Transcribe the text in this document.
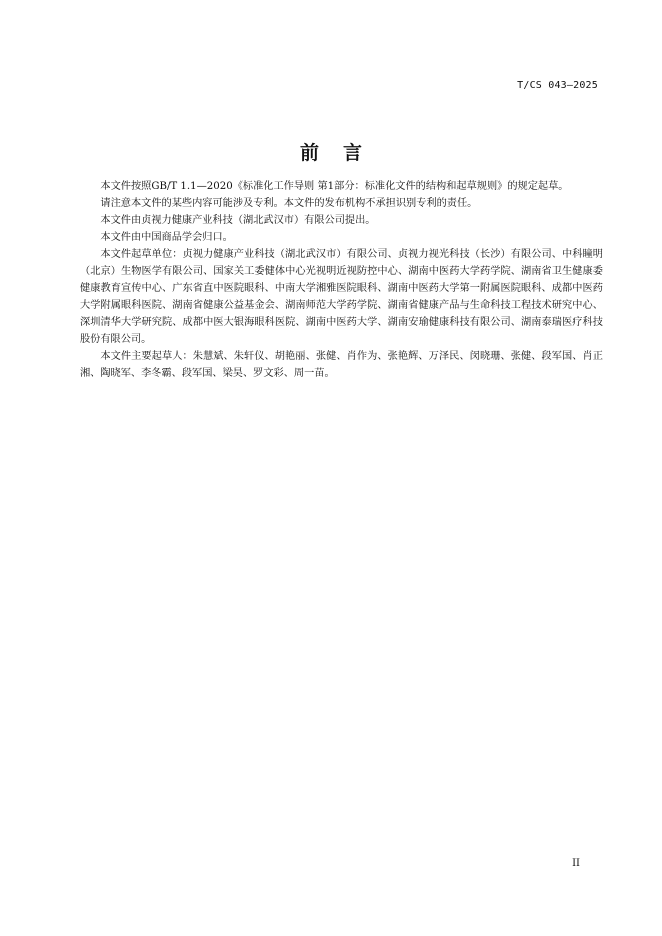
T/CS 043—2025
前言

本文件按照GB/T 1.1—2020《标准化工作导则 第1部分：标准化文件的结构和起草规则》的规定起草。

请注意本文件的某些内容可能涉及专利。本文件的发布机构不承担识别专利的责任。

本文件由贞视力健康产业科技（湖北武汉市）有限公司提出。

本文件由中国商品学会归口。

本文件起草单位：贞视力健康产业科技（湖北武汉市）有限公司、贞视力视光科技（长沙）有限公司、中科瞳明（北京）生物医学有限公司、国家关工委健体中心光视明近视防控中心、湖南中医药大学药学院、湖南省卫生健康委健康教育宣传中心、广东省直中医院眼科、中南大学湘雅医院眼科、湖南中医药大学第一附属医院眼科、成都中医药大学附属眼科医院、湖南省健康公益基金会、湖南师范大学药学院、湖南省健康产品与生命科技工程技术研究中心、深圳清华大学研究院、成都中医大银海眼科医院、湖南中医药大学、湖南安瑜健康科技有限公司、湖南泰瑞医疗科技股份有限公司。

本文件主要起草人：朱慧斌、朱轩仪、胡艳丽、张健、肖作为、张艳辉、万泽民、闵晓珊、张健、段军国、肖正湘、陶晓军、李冬霸、段军国、梁昊、罗文彩、周一苗。

II
